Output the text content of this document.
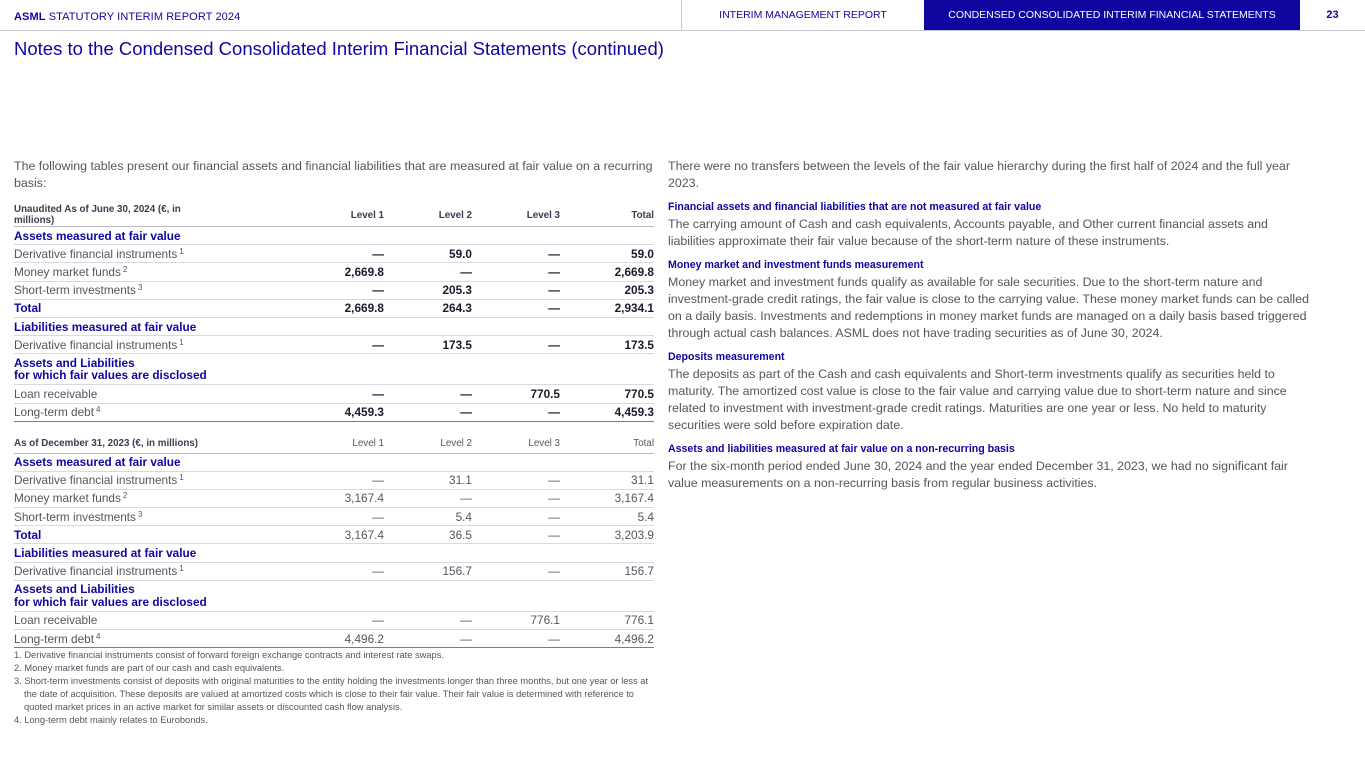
ASML STATUTORY INTERIM REPORT 2024	INTERIM MANAGEMENT REPORT	CONDENSED CONSOLIDATED INTERIM FINANCIAL STATEMENTS	23
Notes to the Condensed Consolidated Interim Financial Statements (continued)

The following tables present our financial assets and financial liabilities that are measured at fair value on a recurring basis:

Unaudited As of June 30, 2024 (€, in millions)	Level 1	Level 2	Level 3	Total
Assets measured at fair value				
Derivative financial instruments $^1$	—	59.0	—	59.0
Money market funds $^2$	2,669.8	—	—	2,669.8
Short-term investments $^3$	—	205.3	—	205.3
Total	2,669.8	264.3	—	2,934.1
Liabilities measured at fair value				
Derivative financial instruments $^1$	—	173.5	—	173.5
Assets and Liabilities
for which fair values are disclosed				
Loan receivable	—	—	770.5	770.5
Long-term debt $^4$	4,459.3	—	—	4,459.3
As of December 31, 2023 (€, in millions)	Level 1	Level 2	Level 3	Total
Assets measured at fair value				
Derivative financial instruments $^1$	—	31.1	—	31.1
Money market funds $^2$	3,167.4	—	—	3,167.4
Short-term investments $^3$	—	5.4	—	5.4
Total	3,167.4	36.5	—	3,203.9
Liabilities measured at fair value				
Derivative financial instruments $^1$	—	156.7	—	156.7
Assets and Liabilities
for which fair values are disclosed				
Loan receivable	—	—	776.1	776.1
Long-term debt $^4$	4,496.2	—	—	4,496.2
1. Derivative financial instruments consist of forward foreign exchange contracts and interest rate swaps.
2. Money market funds are part of our cash and cash equivalents.
3. Short-term investments consist of deposits with original maturities to the entity holding the investments longer than three months, but one year or less at the date of acquisition. These deposits are valued at amortized costs which is close to their fair value. Their fair value is determined with reference to quoted market prices in an active market for similar assets or discounted cash flow analysis.
4. Long-term debt mainly relates to Eurobonds.

There were no transfers between the levels of the fair value hierarchy during the first half of 2024 and the full year 2023.

Financial assets and financial liabilities that are not measured at fair value

The carrying amount of Cash and cash equivalents, Accounts payable, and Other current financial assets and liabilities approximate their fair value because of the short-term nature of these instruments.

Money market and investment funds measurement

Money market and investment funds qualify as available for sale securities. Due to the short-term nature and investment-grade credit ratings, the fair value is close to the carrying value. These money market funds can be called on a daily basis. Investments and redemptions in money market funds are managed on a daily basis based triggered through actual cash balances. ASML does not have trading securities as of June 30, 2024.

Deposits measurement

The deposits as part of the Cash and cash equivalents and Short-term investments qualify as securities held to maturity. The amortized cost value is close to the fair value and carrying value due to short-term nature and since related to investment with investment-grade credit ratings. Maturities are one year or less. No held to maturity securities were sold before expiration date.

Assets and liabilities measured at fair value on a non-recurring basis

For the six-month period ended June 30, 2024 and the year ended December 31, 2023, we had no significant fair value measurements on a non-recurring basis from regular business activities.
